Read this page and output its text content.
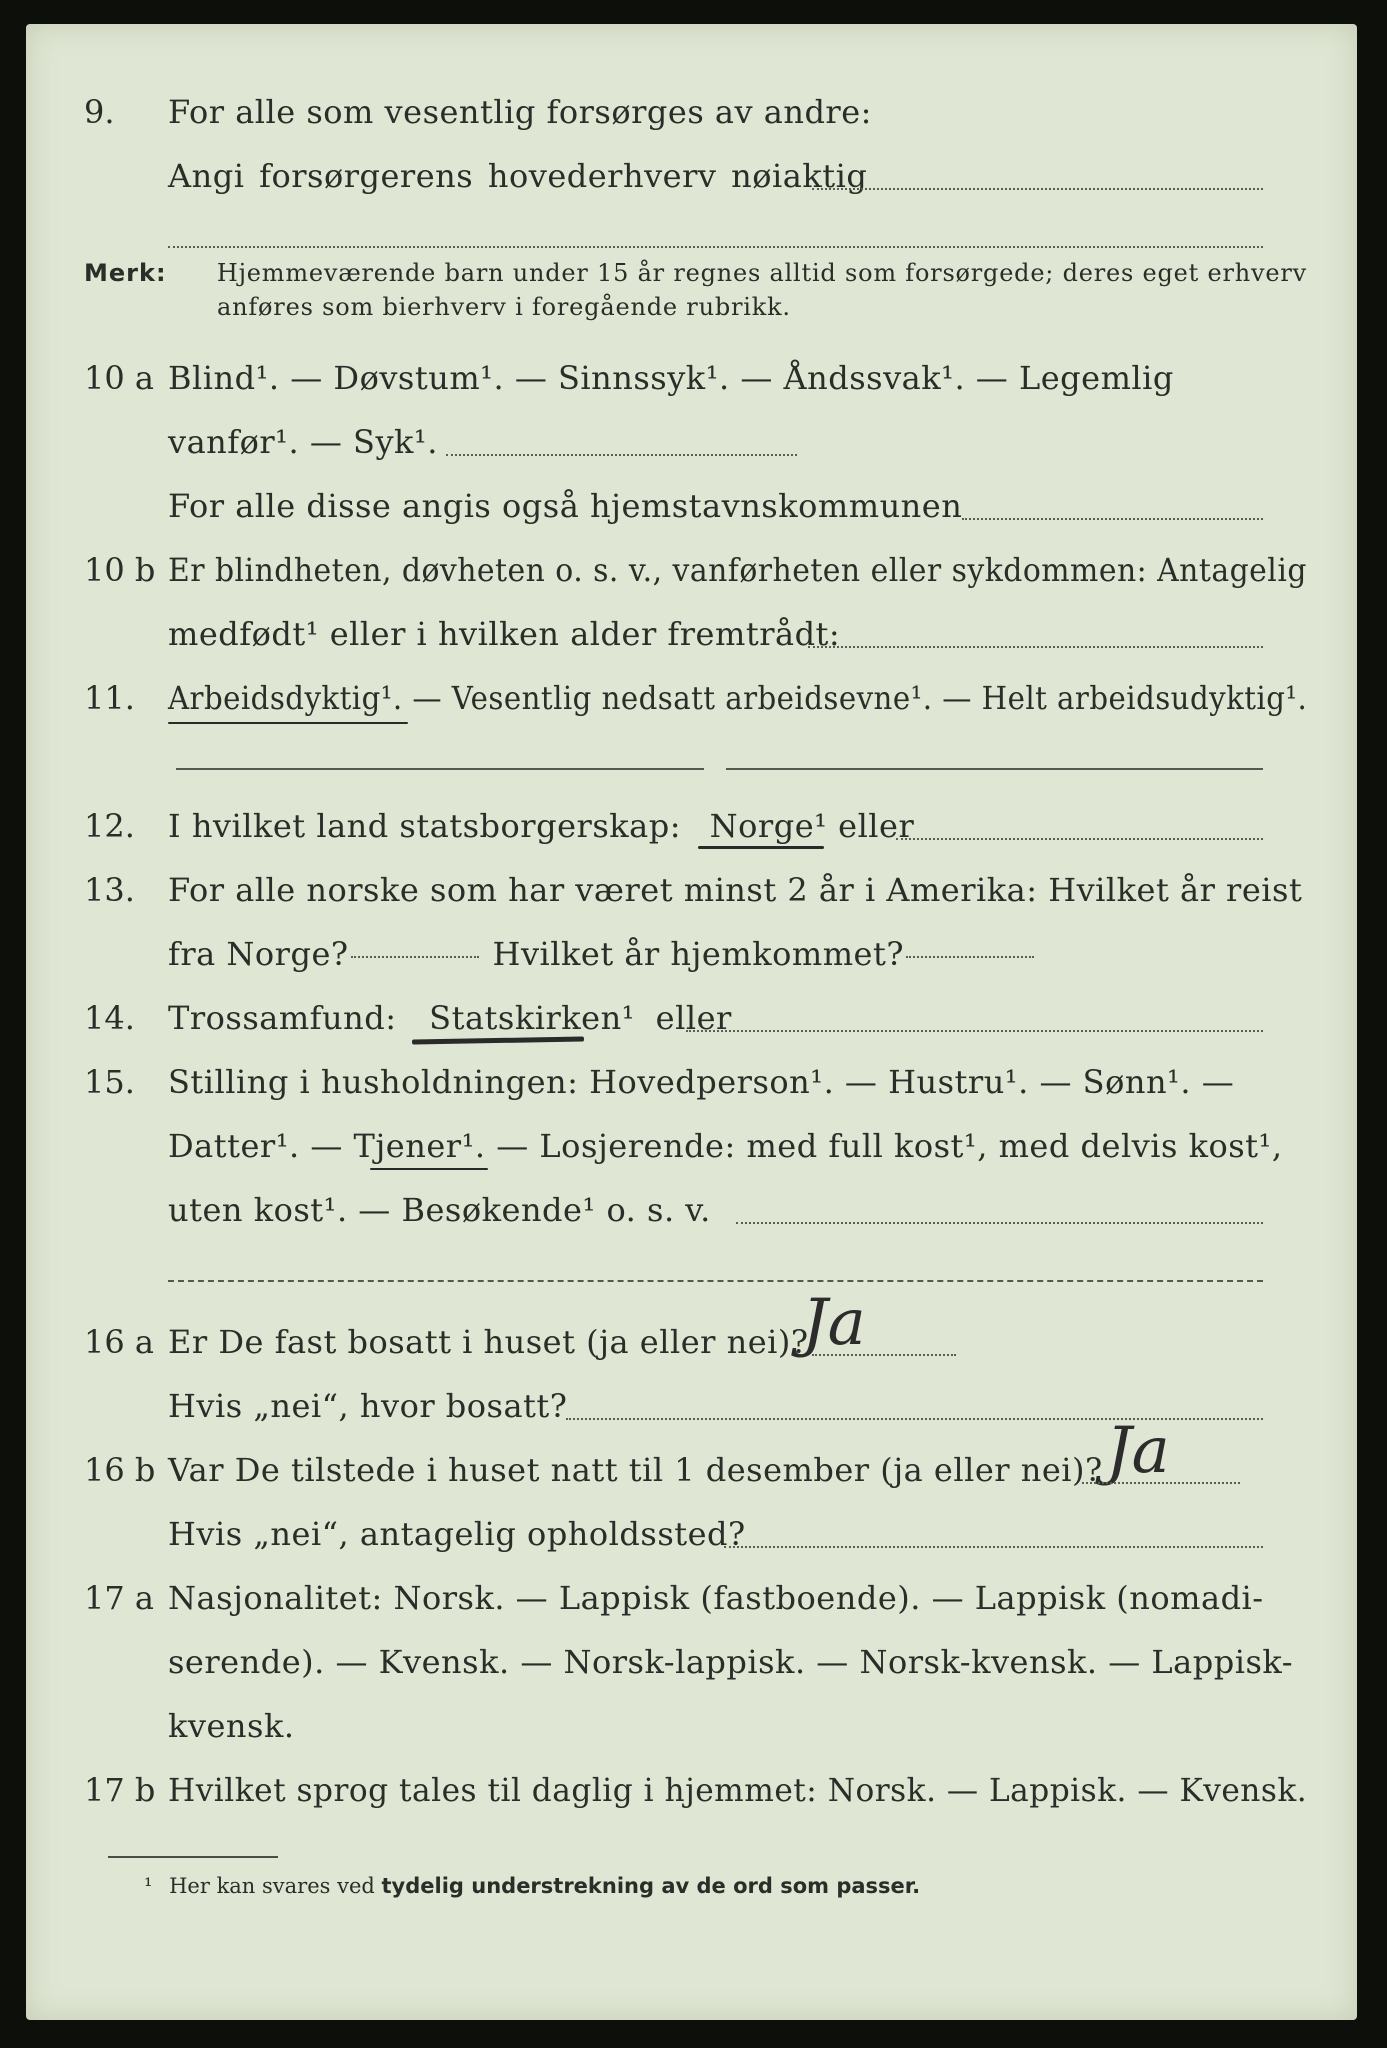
9. For alle som vesentlig forsørges av andre:
Angi forsørgerens hovederhverv nøiaktig
Merk:	Hjemmeværende barn under 15 år regnes alltid som forsørgede; deres eget erhverv
anføres som bierhverv i foregående rubrikk.
10 a Blind¹. — Døvstum¹. — Sinnssyk¹. — Åndssvak¹. — Legemlig
vanfør¹. — Syk¹.
For alle disse angis også hjemstavnskommunen
10 b Er blindheten, døvheten o. s. v., vanførheten eller sykdommen: Antagelig
medfødt¹ eller i hvilken alder fremtrådt:
11. Arbeidsdyktig¹. — Vesentlig nedsatt arbeidsevne¹. — Helt arbeidsudyktig¹.
12. I hvilket land statsborgerskap: Norge¹ eller
13. For alle norske som har været minst 2 år i Amerika: Hvilket år reist
fra Norge?	Hvilket år hjemkommet?
14. Trossamfund: Statskirken¹ eller
15. Stilling i husholdningen: Hovedperson¹. — Hustru¹. — Sønn¹. —
Datter¹. — Tjener¹. — Losjerende: med full kost¹, med delvis kost¹,
uten kost¹. — Besøkende¹ o. s. v.
16 a Er De fast bosatt i huset (ja eller nei)?
Ja
Hvis „nei“, hvor bosatt?
16 b Var De tilstede i huset natt til 1 desember (ja eller nei)? Ja
Hvis „nei“, antagelig opholdssted?
17 a Nasjonalitet: Norsk. — Lappisk (fastboende). — Lappisk (nomadi-
serende). — Kvensk. — Norsk-lappisk. — Norsk-kvensk. — Lappisk-
kvensk.
17 b Hvilket sprog tales til daglig i hjemmet: Norsk. — Lappisk. — Kvensk.
¹ Her kan svares ved tydelig understrekning av de ord som passer.
